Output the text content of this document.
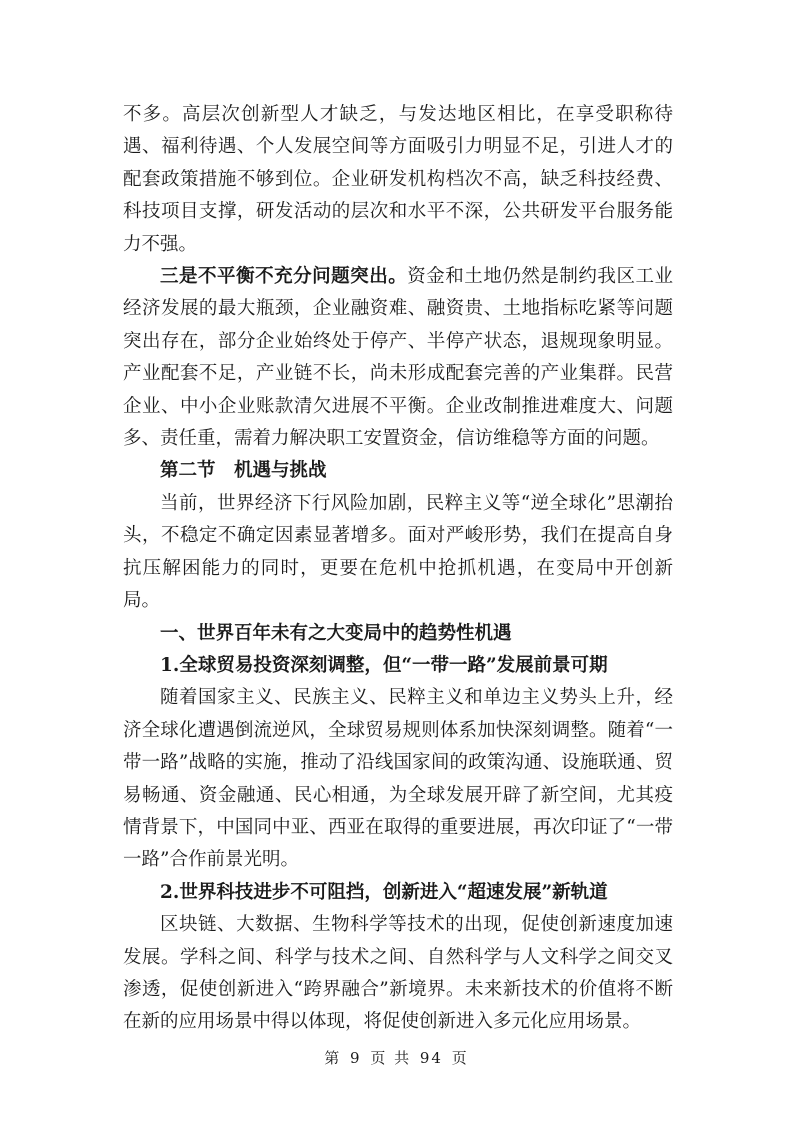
不多。高层次创新型人才缺乏，与发达地区相比，在享受职称待遇、福利待遇、个人发展空间等方面吸引力明显不足，引进人才的配套政策措施不够到位。企业研发机构档次不高，缺乏科技经费、科技项目支撑，研发活动的层次和水平不深，公共研发平台服务能力不强。

三是不平衡不充分问题突出。资金和土地仍然是制约我区工业经济发展的最大瓶颈，企业融资难、融资贵、土地指标吃紧等问题突出存在，部分企业始终处于停产、半停产状态，退规现象明显。产业配套不足，产业链不长，尚未形成配套完善的产业集群。民营企业、中小企业账款清欠进展不平衡。企业改制推进难度大、问题多、责任重，需着力解决职工安置资金，信访维稳等方面的问题。

第二节　机遇与挑战

当前，世界经济下行风险加剧，民粹主义等“逆全球化”思潮抬头，不稳定不确定因素显著增多。面对严峻形势，我们在提高自身抗压解困能力的同时，更要在危机中抢抓机遇，在变局中开创新局。

一、世界百年未有之大变局中的趋势性机遇

1.全球贸易投资深刻调整，但“一带一路”发展前景可期

随着国家主义、民族主义、民粹主义和单边主义势头上升，经济全球化遭遇倒流逆风，全球贸易规则体系加快深刻调整。随着“一带一路”战略的实施，推动了沿线国家间的政策沟通、设施联通、贸易畅通、资金融通、民心相通，为全球发展开辟了新空间，尤其疫情背景下，中国同中亚、西亚在取得的重要进展，再次印证了“一带一路”合作前景光明。

2.世界科技进步不可阻挡，创新进入“超速发展”新轨道

区块链、大数据、生物科学等技术的出现，促使创新速度加速发展。学科之间、科学与技术之间、自然科学与人文科学之间交叉渗透，促使创新进入“跨界融合”新境界。未来新技术的价值将不断在新的应用场景中得以体现，将促使创新进入多元化应用场景。

第 9 页 共 94 页
